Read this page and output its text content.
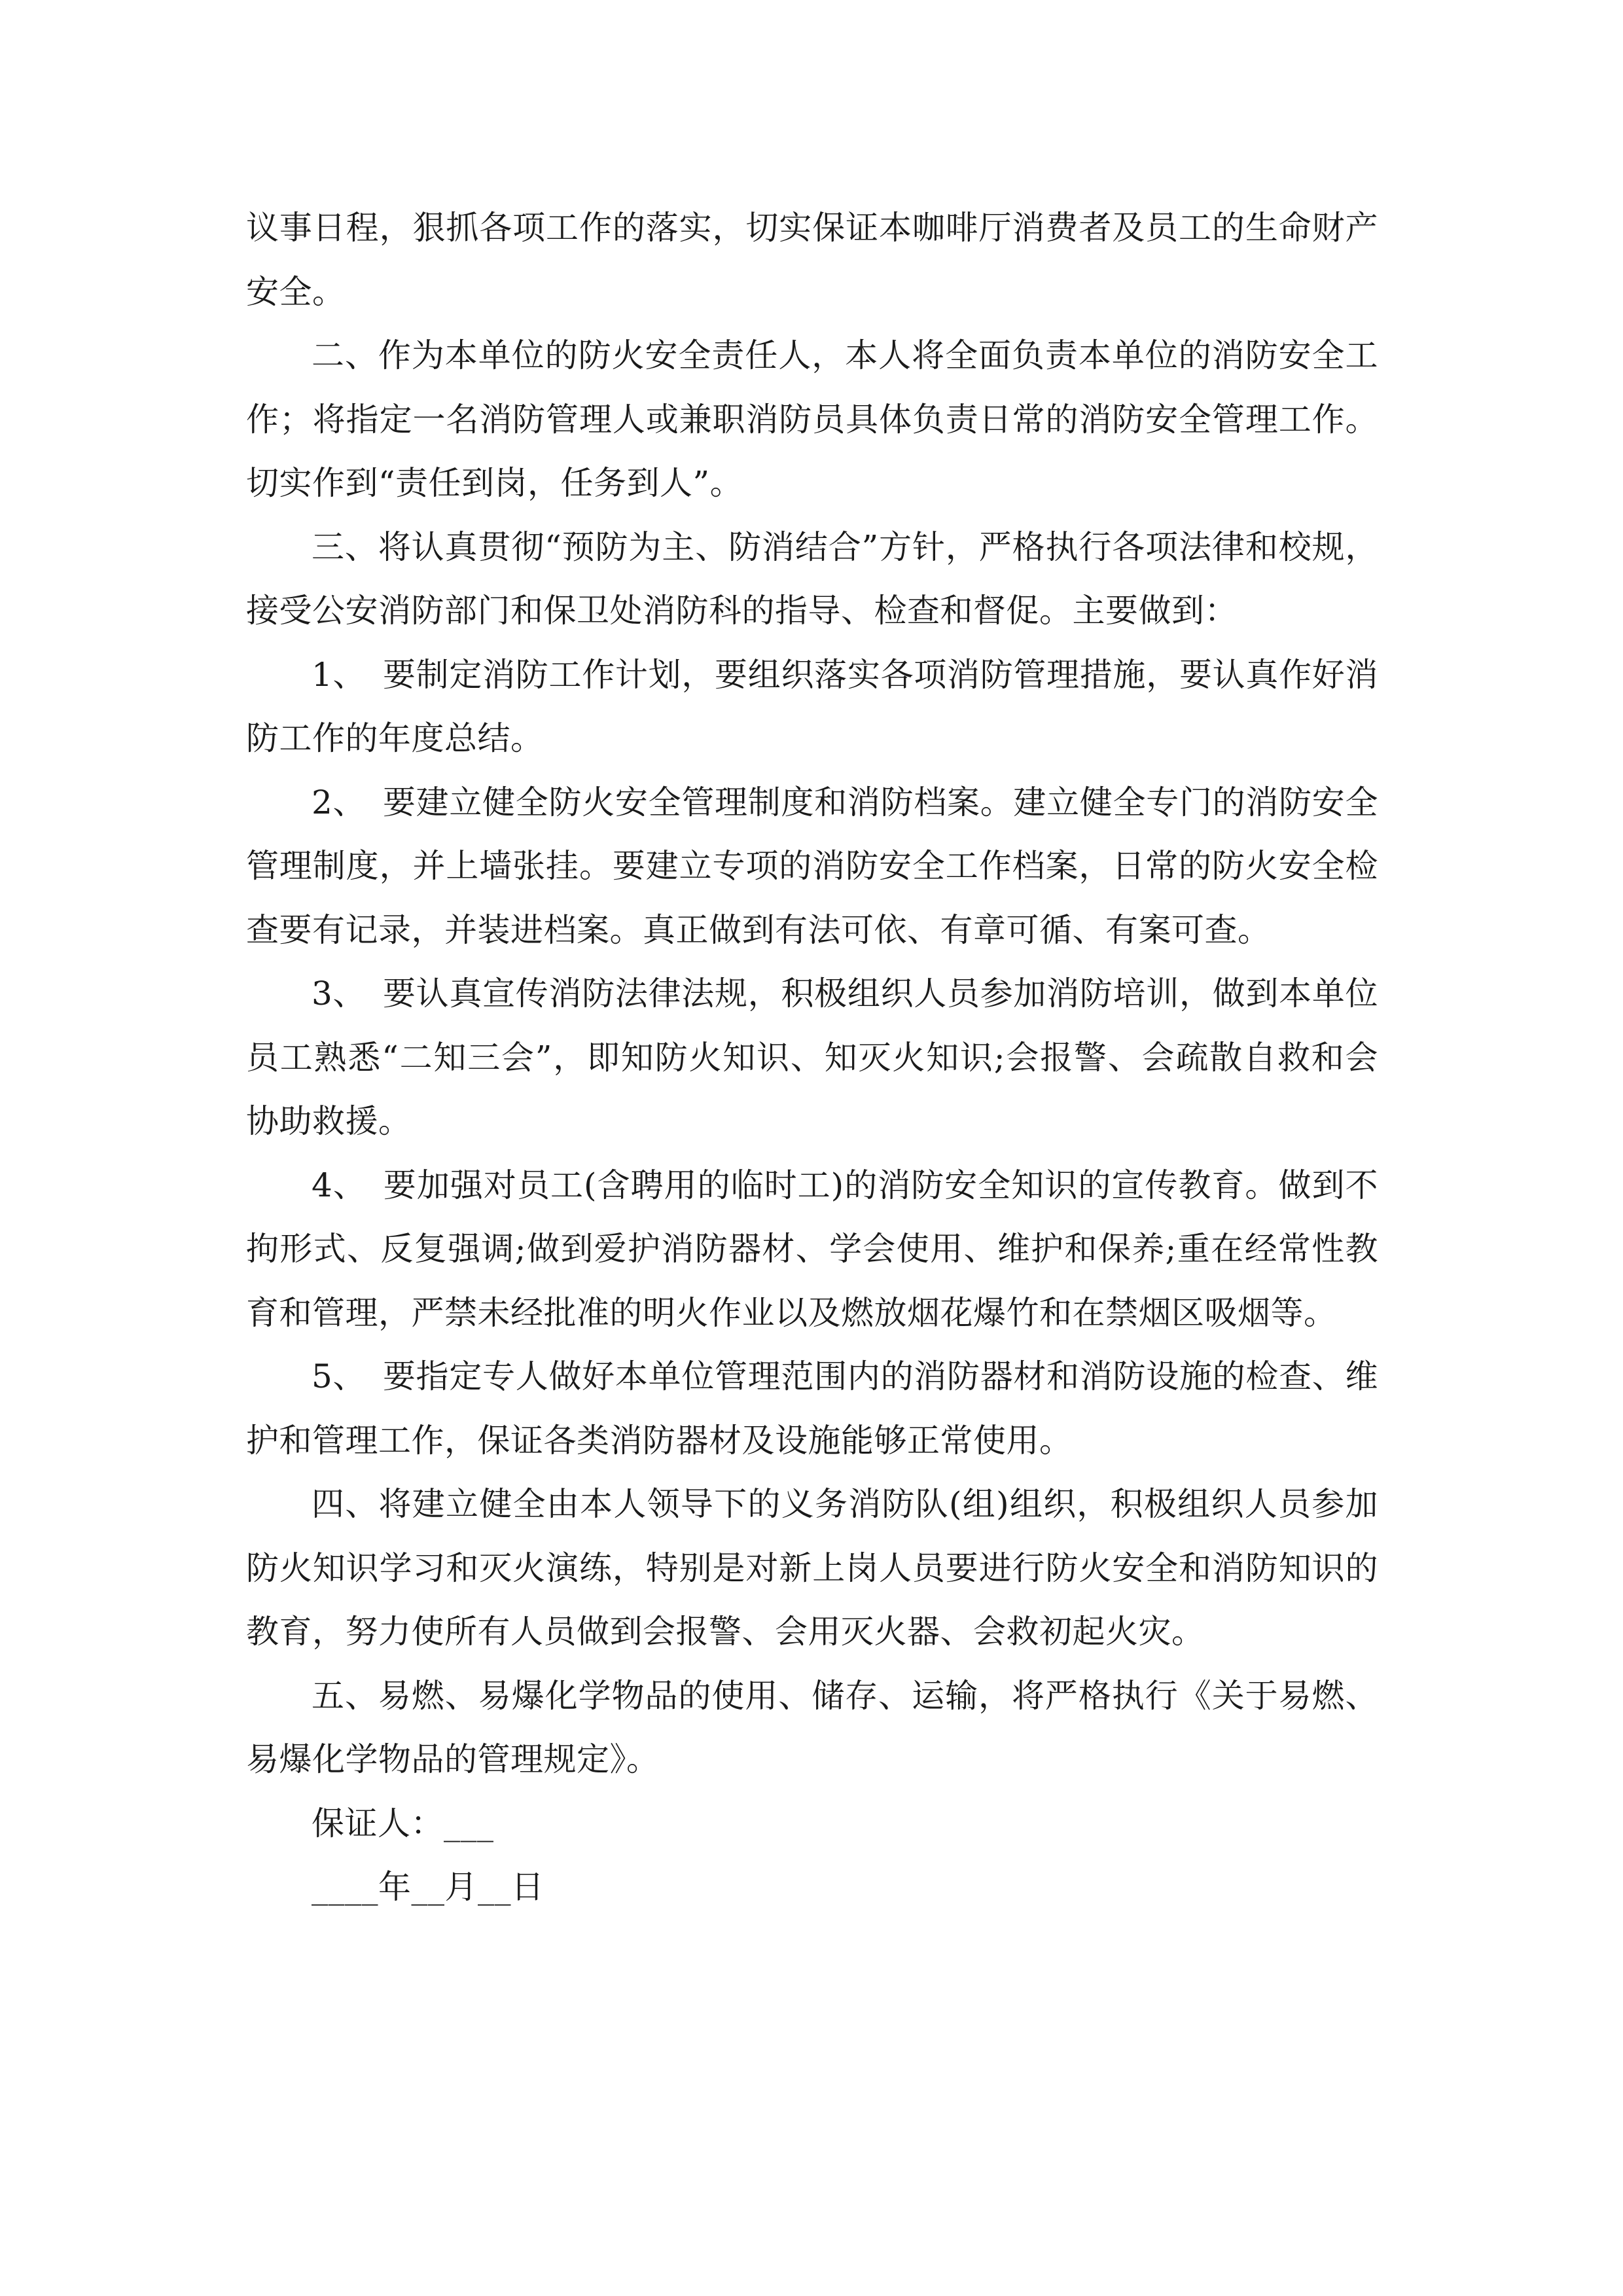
议事日程，狠抓各项工作的落实，切实保证本咖啡厅消费者及员工的生命财产安全。

二、作为本单位的防火安全责任人，本人将全面负责本单位的消防安全工作；将指定一名消防管理人或兼职消防员具体负责日常的消防安全管理工作。切实作到“责任到岗，任务到人”。

三、将认真贯彻“预防为主、防消结合”方针，严格执行各项法律和校规，接受公安消防部门和保卫处消防科的指导、检查和督促。主要做到：

1、　要制定消防工作计划，要组织落实各项消防管理措施，要认真作好消防工作的年度总结。

2、　要建立健全防火安全管理制度和消防档案。建立健全专门的消防安全管理制度，并上墙张挂。要建立专项的消防安全工作档案，日常的防火安全检查要有记录，并装进档案。真正做到有法可依、有章可循、有案可查。

3、　要认真宣传消防法律法规，积极组织人员参加消防培训，做到本单位员工熟悉“二知三会”，即知防火知识、知灭火知识;会报警、会疏散自救和会协助救援。

4、　要加强对员工(含聘用的临时工)的消防安全知识的宣传教育。做到不拘形式、反复强调;做到爱护消防器材、学会使用、维护和保养;重在经常性教育和管理，严禁未经批准的明火作业以及燃放烟花爆竹和在禁烟区吸烟等。

5、　要指定专人做好本单位管理范围内的消防器材和消防设施的检查、维护和管理工作，保证各类消防器材及设施能够正常使用。

四、将建立健全由本人领导下的义务消防队(组)组织，积极组织人员参加防火知识学习和灭火演练，特别是对新上岗人员要进行防火安全和消防知识的教育，努力使所有人员做到会报警、会用灭火器、会救初起火灾。

五、易燃、易爆化学物品的使用、储存、运输，将严格执行《关于易燃、易爆化学物品的管理规定》。

保证人：___

____年__月__日
